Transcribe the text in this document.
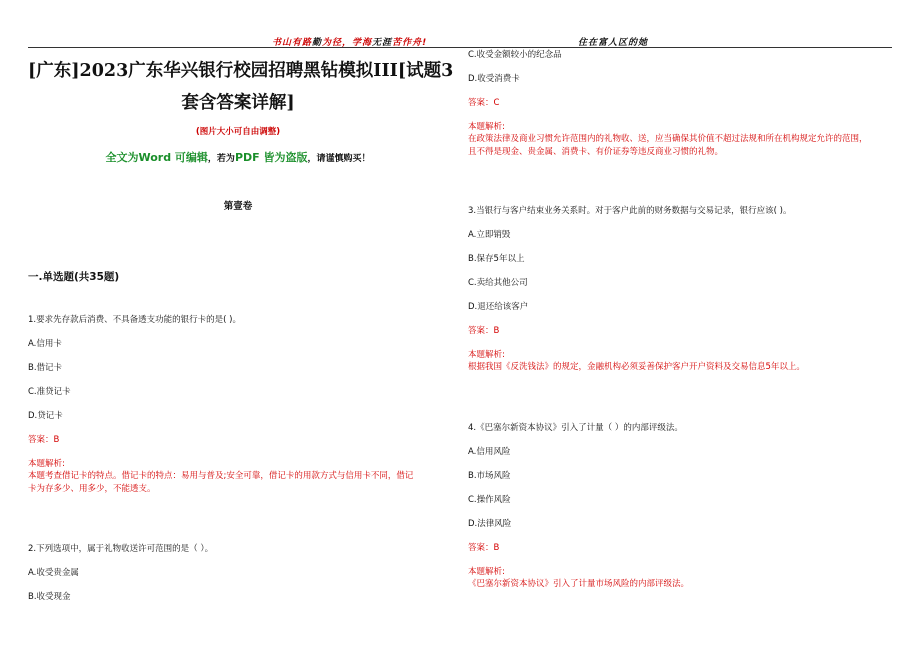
书山有路勤为径，学海无涯苦作舟!	住在富人区的她
[广东]2023广东华兴银行校园招聘黑钻模拟III[试题3
套含答案详解]
(图片大小可自由调整)
全文为Word 可编辑，若为PDF 皆为盗版，请谨慎购买！
第壹卷
一.单选题(共35题)
1.要求先存款后消费、不具备透支功能的银行卡的是( )。
A.信用卡
B.借记卡
C.准贷记卡
D.贷记卡
答案：B
本题解析:
本题考查借记卡的特点。借记卡的特点：易用与普及;安全可靠，借记卡的用款方式与信用卡不同，借记
卡为存多少、用多少，不能透支。
2.下列选项中，属于礼物收送许可范围的是（ ）。
A.收受贵金属
B.收受现金
C.收受金额较小的纪念品
D.收受消费卡
答案：C
本题解析:
在政策法律及商业习惯允许范围内的礼物收、送，应当确保其价值不超过法规和所在机构规定允许的范围，
且不得是现金、贵金属、消费卡、有价证券等违反商业习惯的礼物。
3.当银行与客户结束业务关系时。对于客户此前的财务数据与交易记录，银行应该( )。
A.立即销毁
B.保存5年以上
C.卖给其他公司
D.退还给该客户
答案：B
本题解析:
根据我国《反洗钱法》的规定，金融机构必须妥善保护客户开户资料及交易信息5年以上。
4.《巴塞尔新资本协议》引入了计量（ ）的内部评级法。
A.信用风险
B.市场风险
C.操作风险
D.法律风险
答案：B
本题解析:
《巴塞尔新资本协议》引入了计量市场风险的内部评级法。
